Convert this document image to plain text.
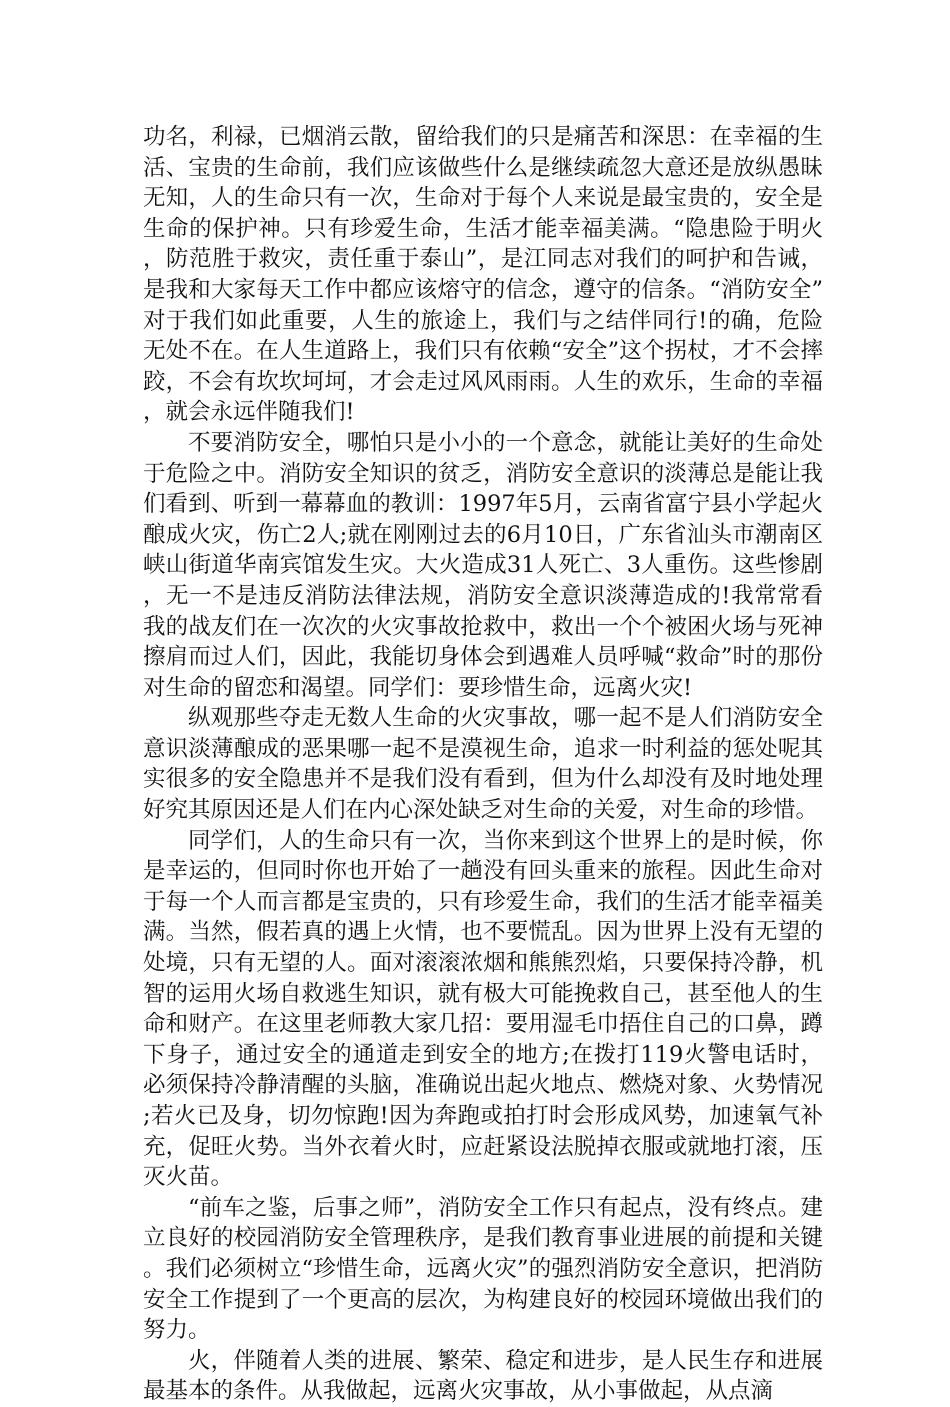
功名，利禄，已烟消云散，留给我们的只是痛苦和深思：在幸福的生活、宝贵的生命前，我们应该做些什么是继续疏忽大意还是放纵愚昧无知，人的生命只有一次，生命对于每个人来说是最宝贵的，安全是生命的保护神。只有珍爱生命，生活才能幸福美满。“隐患险于明火，防范胜于救灾，责任重于泰山”，是江同志对我们的呵护和告诫，是我和大家每天工作中都应该熔守的信念，遵守的信条。“消防安全”对于我们如此重要，人生的旅途上，我们与之结伴同行!的确，危险无处不在。在人生道路上，我们只有依赖“安全”这个拐杖，才不会摔跤，不会有坎坎坷坷，才会走过风风雨雨。人生的欢乐，生命的幸福，就会永远伴随我们!

不要消防安全，哪怕只是小小的一个意念，就能让美好的生命处于危险之中。消防安全知识的贫乏，消防安全意识的淡薄总是能让我们看到、听到一幕幕血的教训：1997年5月，云南省富宁县小学起火酿成火灾，伤亡2人;就在刚刚过去的6月10日，广东省汕头市潮南区峡山街道华南宾馆发生灾。大火造成31人死亡、3人重伤。这些惨剧，无一不是违反消防法律法规，消防安全意识淡薄造成的!我常常看我的战友们在一次次的火灾事故抢救中，救出一个个被困火场与死神擦肩而过人们，因此，我能切身体会到遇难人员呼喊“救命”时的那份对生命的留恋和渴望。同学们：要珍惜生命，远离火灾!

纵观那些夺走无数人生命的火灾事故，哪一起不是人们消防安全意识淡薄酿成的恶果哪一起不是漠视生命，追求一时利益的惩处呢其实很多的安全隐患并不是我们没有看到，但为什么却没有及时地处理好究其原因还是人们在内心深处缺乏对生命的关爱，对生命的珍惜。

同学们，人的生命只有一次，当你来到这个世界上的是时候，你是幸运的，但同时你也开始了一趟没有回头重来的旅程。因此生命对于每一个人而言都是宝贵的，只有珍爱生命，我们的生活才能幸福美满。当然，假若真的遇上火情，也不要慌乱。因为世界上没有无望的处境，只有无望的人。面对滚滚浓烟和熊熊烈焰，只要保持冷静，机智的运用火场自救逃生知识，就有极大可能挽救自己，甚至他人的生命和财产。在这里老师教大家几招：要用湿毛巾捂住自己的口鼻，蹲下身子，通过安全的通道走到安全的地方;在拨打119火警电话时，必须保持冷静清醒的头脑，准确说出起火地点、燃烧对象、火势情况;若火已及身，切勿惊跑!因为奔跑或拍打时会形成风势，加速氧气补充，促旺火势。当外衣着火时，应赶紧设法脱掉衣服或就地打滚，压灭火苗。

“前车之鉴，后事之师”，消防安全工作只有起点，没有终点。建立良好的校园消防安全管理秩序，是我们教育事业进展的前提和关键。我们必须树立“珍惜生命，远离火灾”的强烈消防安全意识，把消防安全工作提到了一个更高的层次，为构建良好的校园环境做出我们的努力。

火，伴随着人类的进展、繁荣、稳定和进步，是人民生存和进展最基本的条件。从我做起，远离火灾事故，从小事做起，从点滴
